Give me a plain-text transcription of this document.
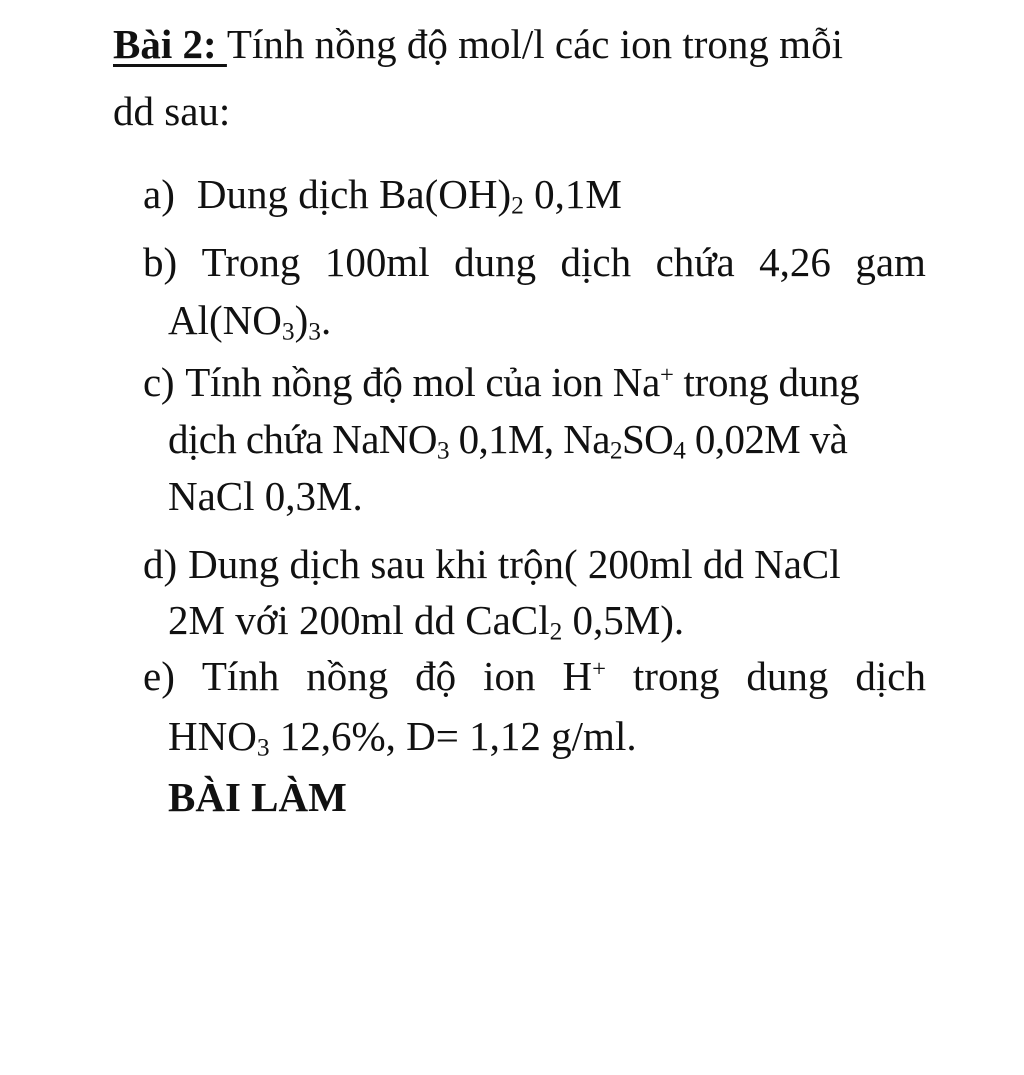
Bài 2: Tính nồng độ mol/l các ion trong mỗi
dd sau:
a) Dung dịch $Ba(OH)_2$ 0,1M
b) Trong 100ml dung dịch chứa 4,26 gam
$Al(NO_3)_3$.
c) Tính nồng độ mol của ion Na+ trong dung
dịch chứa NaNO$_3$ 0,1M, $Na_2SO_4$ 0,02M và
NaCl 0,3M.
d) Dung dịch sau khi trộn( 200ml dd NaCl
2M với 200ml dd CaCl$_2$ 0,5M).
e) Tính nồng độ ion H+ trong dung dịch
$HNO_3$ 12,6%, D= 1,12 g/ml.
BÀI LÀM
